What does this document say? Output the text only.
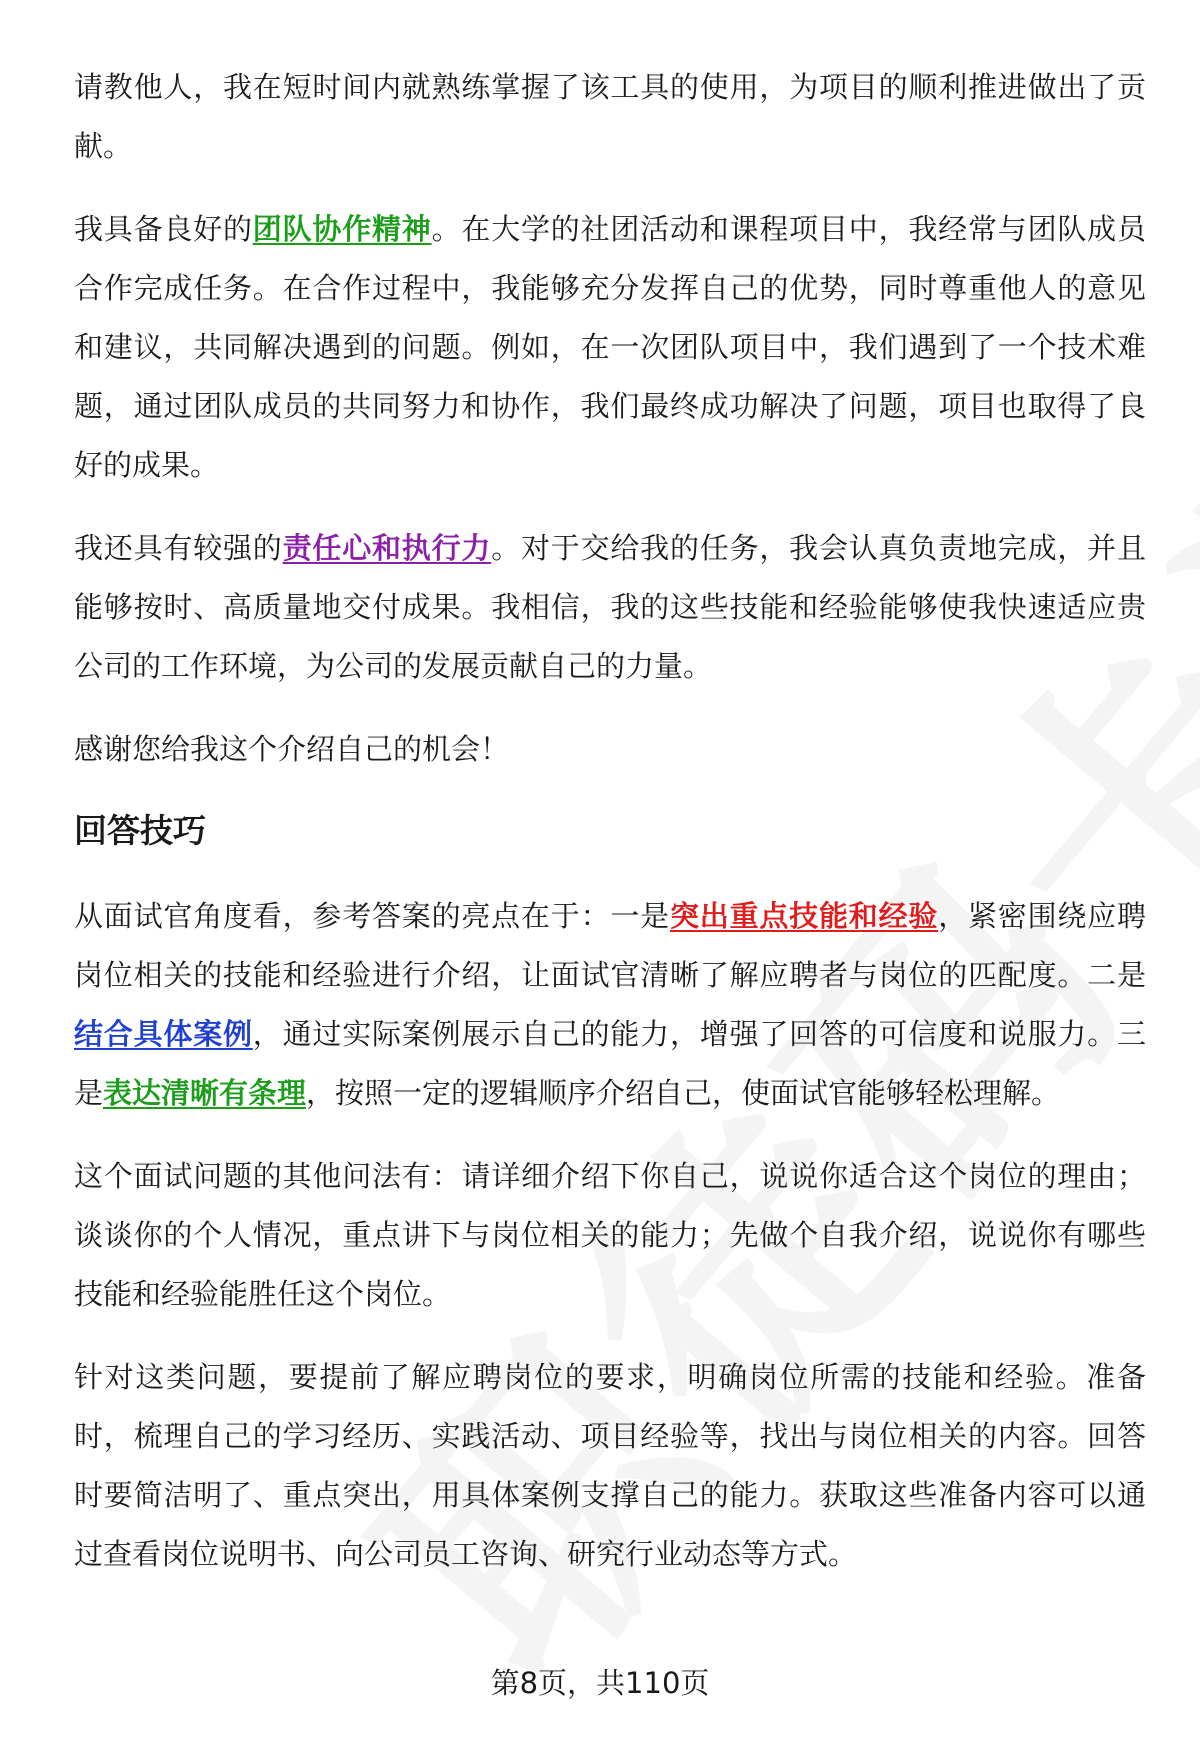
请教他人，我在短时间内就熟练掌握了该工具的使用，为项目的顺利推进做出了贡献。

我具备良好的团队协作精神。在大学的社团活动和课程项目中，我经常与团队成员合作完成任务。在合作过程中，我能够充分发挥自己的优势，同时尊重他人的意见和建议，共同解决遇到的问题。例如，在一次团队项目中，我们遇到了一个技术难题，通过团队成员的共同努力和协作，我们最终成功解决了问题，项目也取得了良好的成果。

我还具有较强的责任心和执行力。对于交给我的任务，我会认真负责地完成，并且能够按时、高质量地交付成果。我相信，我的这些技能和经验能够使我快速适应贵公司的工作环境，为公司的发展贡献自己的力量。

感谢您给我这个介绍自己的机会！

回答技巧

从面试官角度看，参考答案的亮点在于：一是突出重点技能和经验，紧密围绕应聘岗位相关的技能和经验进行介绍，让面试官清晰了解应聘者与岗位的匹配度。二是结合具体案例，通过实际案例展示自己的能力，增强了回答的可信度和说服力。三是表达清晰有条理，按照一定的逻辑顺序介绍自己，使面试官能够轻松理解。

这个面试问题的其他问法有：请详细介绍下你自己，说说你适合这个岗位的理由；谈谈你的个人情况，重点讲下与岗位相关的能力；先做个自我介绍，说说你有哪些技能和经验能胜任这个岗位。

针对这类问题，要提前了解应聘岗位的要求，明确岗位所需的技能和经验。准备时，梳理自己的学习经历、实践活动、项目经验等，找出与岗位相关的内容。回答时要简洁明了、重点突出，用具体案例支撑自己的能力。获取这些准备内容可以通过查看岗位说明书、向公司员工咨询、研究行业动态等方式。

第8页，共110页
